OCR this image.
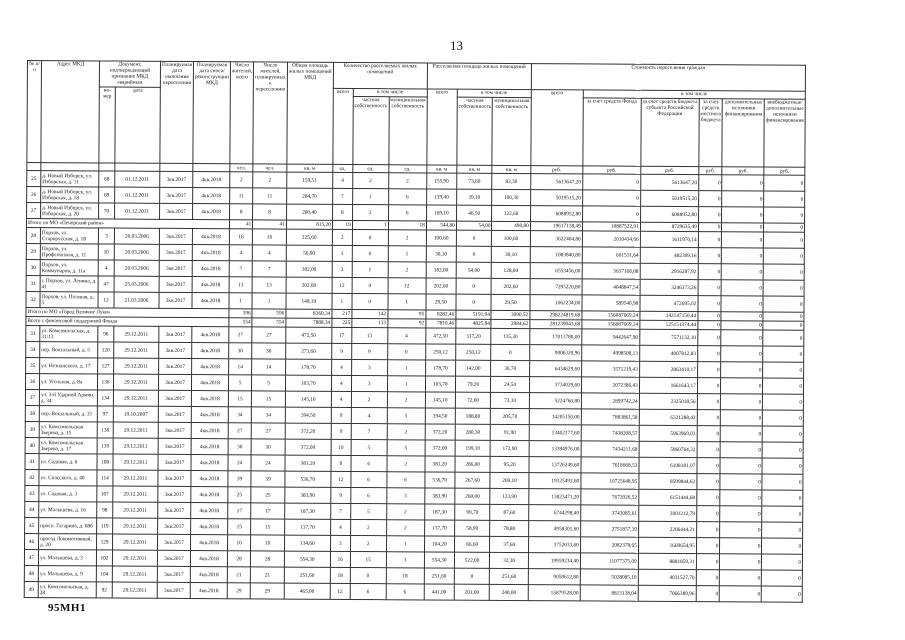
13
№ п/п	Адрес МКД	Документ, подтверждающий признание МКД аварийным		Планируемая дата окончания переселения	Планируемая дата сноса/ реконструкции МКД	Число жителей, всего	Число жителей, планируемых к переселению	Общая площадь жилых помещений МКД	Количество расселяемых жилых помещений			Расселяемая площадь жилых помещений			Стоимость переселения граждан					
		но-мер	дата						всего	в том числе		всего	в том числе		всего	в том числе				
										частная собственность	муниципальная собственность		частная собственность	муниципальная собственность		за счет средств Фонда	за счет средств бюджета субъекта Российской Федерации	за счет средств местного бюджета	дополнительные источники финансирования	внебюджетные/ дополнительные источники финансирования
						чел.	чел.	кв. м	ед.	ед.	ед.	кв. м	кв. м	кв. м	руб.	руб.	руб.	руб.	руб.	руб.
25	д. Новый Изборск, ул. Изборская, д. 11	68	01.12.2011	3кв.2017	4кв.2018	2	2	159,51	4	2	2	155,90	73,60	82,30	5613647,20	0	5613647,20	0	0	0
26	д. Новый Изборск, ул. Изборская, д. 18	69	01.12.2011	3кв.2017	4кв.2018	11	11	284,70	7	1	6	139,40	39,10	100,30	5019515,20	0	5019515,20	0	0	0
27	д. Новый Изборск, ул. Изборская, д. 20	70	01.12.2011	3кв.2017	4кв.2018	8	8	200,40	8	2	6	169,10	46,50	122,60	6088952,80	0	6088952,80	0	0	0
Итого по МО «Печорский район»						41	41	815,20	19	1	18	544,80	54,00	490,80	19617158,49	10887522,91	8729635,49	0	0	0
28	Порхов, ул. Старорусская, д. 18	3	20.03.2006	3кв.2017	4кв.2018	16	16	225,60	2	0	2	100,60	0	100,60	3622404,80	2010434,66	1611970,14	0	0	0
29	Порхов, ул. Профсоюзная, д. 11	10	20.03.2006	3кв.2017	4кв.2018	4	4	56,90	1	0	1	30,10	0	30,10	1083840,80	601531,64	482309,16	0	0	0
30	Порхов, ул. Коммунаров, д. 11а	4	20.03.2006	3кв.2017	4кв.2018	7	7	182,00	3	1	2	182,00	54,00	128,00	6553456,00	3637168,08	2916287,92	0	0	0
31	г. Порхов, ул. Ленина, д. 41	47	25.03.2006	3кв.2017	4кв.2018	13	13	202,60	12	0	12	202,60	0	202,60	7295220,80	4048847,54	3246373,26	0	0	0
32	Порхов, ул. Полевая, д. 5	12	21.03.2006	3кв.2017	4кв.2018	1	1	148,10	1	0	1	29,50	0	29,50	1062234,00	589540,98	472695,02	0	0	0
Итого по МО «Город Великие Луки»						596	596	8360,34	217	142	95	8282,46	5191,94	3090,52	298224819,68	156087669,24	142147150,44	0	0	0
Всего с финансовой поддержкой Фонда						554	554	7888,34	225	133	92	7810,46	4825,84	2984,62	281239043,68	156087669,24	125151374,44	0	0	0
33	ул. Комсомольская, д. 31/13	96	29.12.2011	3кв.2017	4кв.2018	27	27	472,50	17	13	4	472,50	337,20	135,30	17013780,00	9442647,90	7571132,10	0	0	0
34	пер. Вокзальный, д. 5	120	29.12.2011	3кв.2017	4кв.2018	30	30	273,60	9	9	0	250,12	250,12	0	9006320,96	4998508,13	4007812,83	0	0	0
35	ул. Незнанского, д. 17	127	29.12.2011	3кв.2017	4кв.2018	14	14	178,70	4	3	1	178,70	142,00	36,70	6434629,60	3571219,43	2863410,17	0	0	0
36	ул. Угольная, д. 8а	136	29.12.2011	3кв.2017	4кв.2018	5	5	103,70	4	3	1	103,70	79,20	24,50	3734029,60	2072386,43	1661643,17	0	0	0
37	ул. 3-й Ударной Армии, д. 34	134	29.12.2011	3кв.2017	4кв.2018	15	15	145,10	4	2	2	145,10	72,00	73,10	5224760,80	2899742,24	2325018,56	0	0	0
38	пер. Вокзальный, д. 15	97	19.10.2007	3кв.2017	4кв.2018	34	34	394,50	9	4	5	394,50	188,80	205,70	14205150,00	7883861,58	6321288,42	0	0	0
39	ул. Комсомольская Зверева, д. 15	138	29.12.2011	3кв.2017	4кв.2018	27	27	372,20	9	7	2	372,20	280,30	91,90	13402177,60	7438208,57	5963969,03	0	0	0
40	ул. Комсомольская Зверева, д. 17	139	29.12.2011	3кв.2017	4кв.2018	30	30	372,00	10	5	5	372,00	199,10	172,90	13394976,00	7434211,68	5960764,32	0	0	0
41	ул. Садовая, д. 6	108	29.12.2011	3кв.2017	4кв.2018	24	24	381,20	8	6	2	381,20	286,00	95,20	13726249,60	7618068,53	6108181,07	0	0	0
42	ул. Спасского, д. 40	114	29.12.2011	3кв.2017	4кв.2018	39	39	536,70	12	6	6	536,70	267,60	269,10	19325493,60	10725648,95	8599844,62	0	0	0
43	ул. Садовая, д. 3	107	29.12.2011	3кв.2017	4кв.2018	25	25	383,90	9	6	3	383,90	260,00	123,90	13823471,20	7672026,52	6151444,68	0	0	0
44	ул. Малышева, д. 16	98	29.12.2011	3кв.2017	4кв.2018	17	17	187,30	7	5	2	187,30	99,70	87,60	6744298,40	3743085,61	3001212,79	0	0	0
45	просп. Гагарина, д. 68б	119	29.12.2011	3кв.2017	4кв.2018	15	15	137,70	4	2	2	137,70	58,90	78,80	4958301,60	2751857,39	2206444,21	0	0	0
46	проезд Локомотивный, д. 20	129	29.12.2011	3кв.2017	4кв.2018	10	10	134,60	3	2	1	104,20	66,60	37,60	3752033,60	2082378,65	1669654,95	0	0	0
47	ул. Малышева, д. 3	102	29.12.2011	3кв.2017	4кв.2018	28	28	554,30	16	15	1	554,30	522,00	32,30	19959234,40	11077375,09	8881859,31	0	0	0
48	ул. Малышева, д. 9	104	29.12.2011	3кв.2017	4кв.2018	21	21	251,60	18	0	18	251,60	0	251,60	9059612,80	5028085,10	4031527,70	0	0	0
49	ул. Комсомольская, д. 28	92	29.12.2011	3кв.2017	4кв.2018	29	29	465,00	12	6	6	441,00	201,00	240,00	15879528,00	8813138,04	7066389,96	0	0	0
95MH1
